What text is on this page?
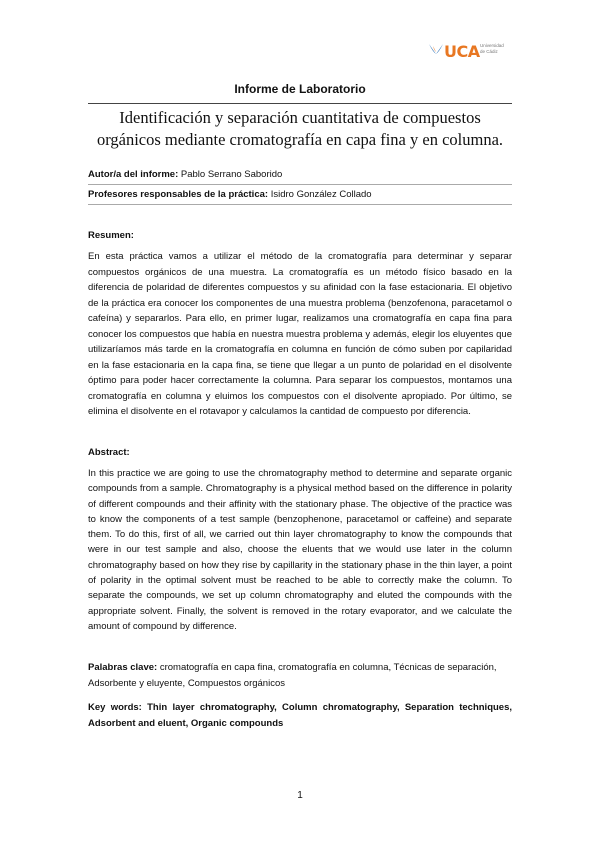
UCA Universidad
de Cádiz
Informe de Laboratorio
Identificación y separación cuantitativa de compuestos orgánicos mediante cromatografía en capa fina y en columna.
Autor/a del informe: Pablo Serrano Saborido
Profesores responsables de la práctica: Isidro González Collado
Resumen:
En esta práctica vamos a utilizar el método de la cromatografía para determinar y separar compuestos orgánicos de una muestra. La cromatografía es un método físico basado en la diferencia de polaridad de diferentes compuestos y su afinidad con la fase estacionaria. El objetivo de la práctica era conocer los componentes de una muestra problema (benzofenona, paracetamol o cafeína) y separarlos. Para ello, en primer lugar, realizamos una cromatografía en capa fina para conocer los compuestos que había en nuestra muestra problema y además, elegir los eluyentes que utilizaríamos más tarde en la cromatografía en columna en función de cómo suben por capilaridad en la fase estacionaria en la capa fina, se tiene que llegar a un punto de polaridad en el disolvente óptimo para poder hacer correctamente la columna. Para separar los compuestos, montamos una cromatografía en columna y eluimos los compuestos con el disolvente apropiado. Por último, se elimina el disolvente en el rotavapor y calculamos la cantidad de compuesto por diferencia.
Abstract:
In this practice we are going to use the chromatography method to determine and separate organic compounds from a sample. Chromatography is a physical method based on the difference in polarity of different compounds and their affinity with the stationary phase. The objective of the practice was to know the components of a test sample (benzophenone, paracetamol or caffeine) and separate them. To do this, first of all, we carried out thin layer chromatography to know the compounds that were in our test sample and also, choose the eluents that we would use later in the column chromatography based on how they rise by capillarity in the stationary phase in the thin layer, a point of polarity in the optimal solvent must be reached to be able to correctly make the column. To separate the compounds, we set up column chromatography and eluted the compounds with the appropriate solvent. Finally, the solvent is removed in the rotary evaporator, and we calculate the amount of compound by difference.
Palabras clave: cromatografía en capa fina, cromatografía en columna, Técnicas de separación, Adsorbente y eluyente, Compuestos orgánicos
Key words: Thin layer chromatography, Column chromatography, Separation techniques, Adsorbent and eluent, Organic compounds
1
